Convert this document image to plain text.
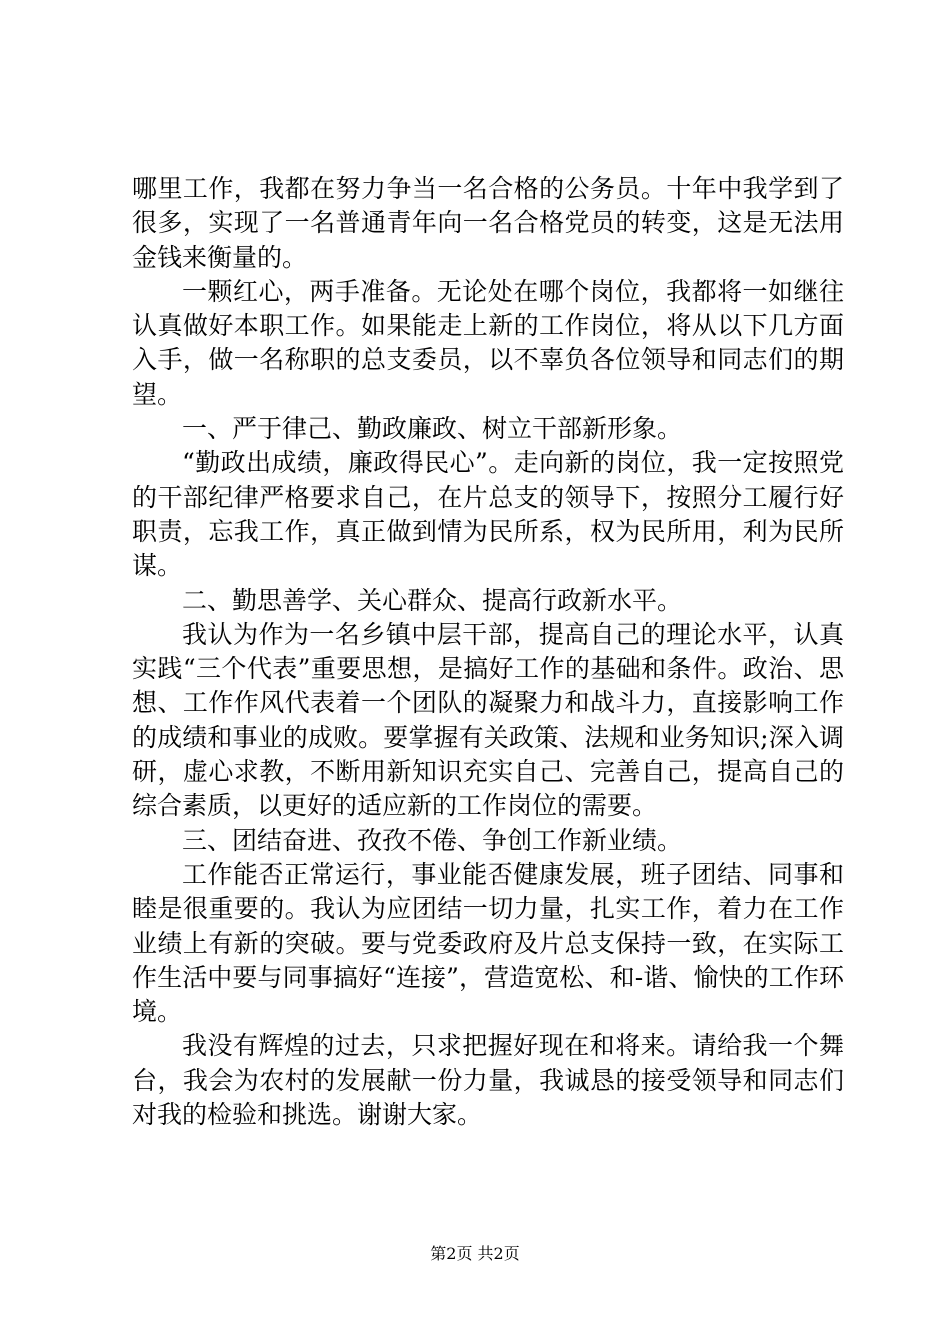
哪里工作，我都在努力争当一名合格的公务员。十年中我学到了很多，实现了一名普通青年向一名合格党员的转变，这是无法用金钱来衡量的。

一颗红心，两手准备。无论处在哪个岗位，我都将一如继往认真做好本职工作。如果能走上新的工作岗位，将从以下几方面入手，做一名称职的总支委员，以不辜负各位领导和同志们的期望。

一、严于律己、勤政廉政、树立干部新形象。

“勤政出成绩，廉政得民心”。走向新的岗位，我一定按照党的干部纪律严格要求自己，在片总支的领导下，按照分工履行好职责，忘我工作，真正做到情为民所系，权为民所用，利为民所谋。

二、勤思善学、关心群众、提高行政新水平。

我认为作为一名乡镇中层干部，提高自己的理论水平，认真实践“三个代表”重要思想，是搞好工作的基础和条件。政治、思想、工作作风代表着一个团队的凝聚力和战斗力，直接影响工作的成绩和事业的成败。要掌握有关政策、法规和业务知识;深入调研，虚心求教，不断用新知识充实自己、完善自己，提高自己的综合素质，以更好的适应新的工作岗位的需要。

三、团结奋进、孜孜不倦、争创工作新业绩。

工作能否正常运行，事业能否健康发展，班子团结、同事和睦是很重要的。我认为应团结一切力量，扎实工作，着力在工作业绩上有新的突破。要与党委政府及片总支保持一致，在实际工作生活中要与同事搞好“连接”，营造宽松、和-谐、愉快的工作环境。

我没有辉煌的过去，只求把握好现在和将来。请给我一个舞台，我会为农村的发展献一份力量，我诚恳的接受领导和同志们对我的检验和挑选。谢谢大家。

第2页 共2页
